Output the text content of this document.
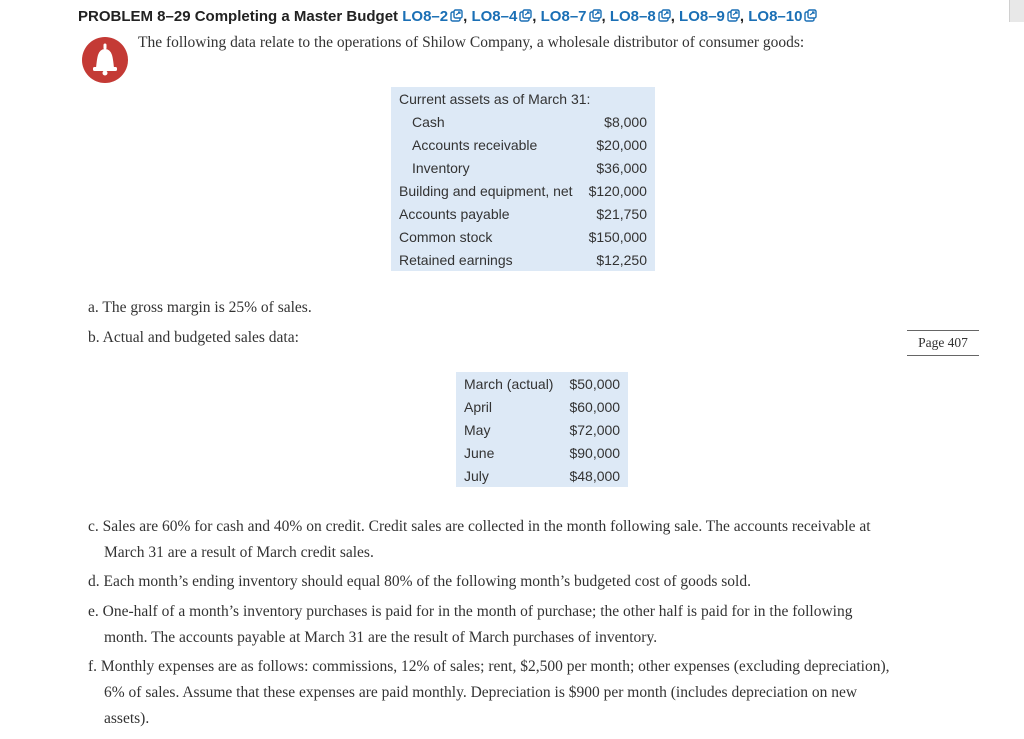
PROBLEM 8–29 Completing a Master Budget LO8–2 , LO8–4 , LO8–7 , LO8–8 , LO8–9 , LO8–10
The following data relate to the operations of Shilow Company, a wholesale distributor of consumer goods:
Current assets as of March 31:	
Cash	$8,000
Accounts receivable	$20,000
Inventory	$36,000
Building and equipment, net	$120,000
Accounts payable	$21,750
Common stock	$150,000
Retained earnings	$12,250
a. The gross margin is 25% of sales.
b. Actual and budgeted sales data:	Page 407
March (actual)	$50,000
April	$60,000
May	$72,000
June	$90,000
July	$48,000
c. Sales are 60% for cash and 40% on credit. Credit sales are collected in the month following sale. The accounts receivable at
March 31 are a result of March credit sales.
d. Each month’s ending inventory should equal 80% of the following month’s budgeted cost of goods sold.
e. One-half of a month’s inventory purchases is paid for in the month of purchase; the other half is paid for in the following
month. The accounts payable at March 31 are the result of March purchases of inventory.
f. Monthly expenses are as follows: commissions, 12% of sales; rent, $2,500 per month; other expenses (excluding depreciation),
6% of sales. Assume that these expenses are paid monthly. Depreciation is $900 per month (includes depreciation on new
assets).
